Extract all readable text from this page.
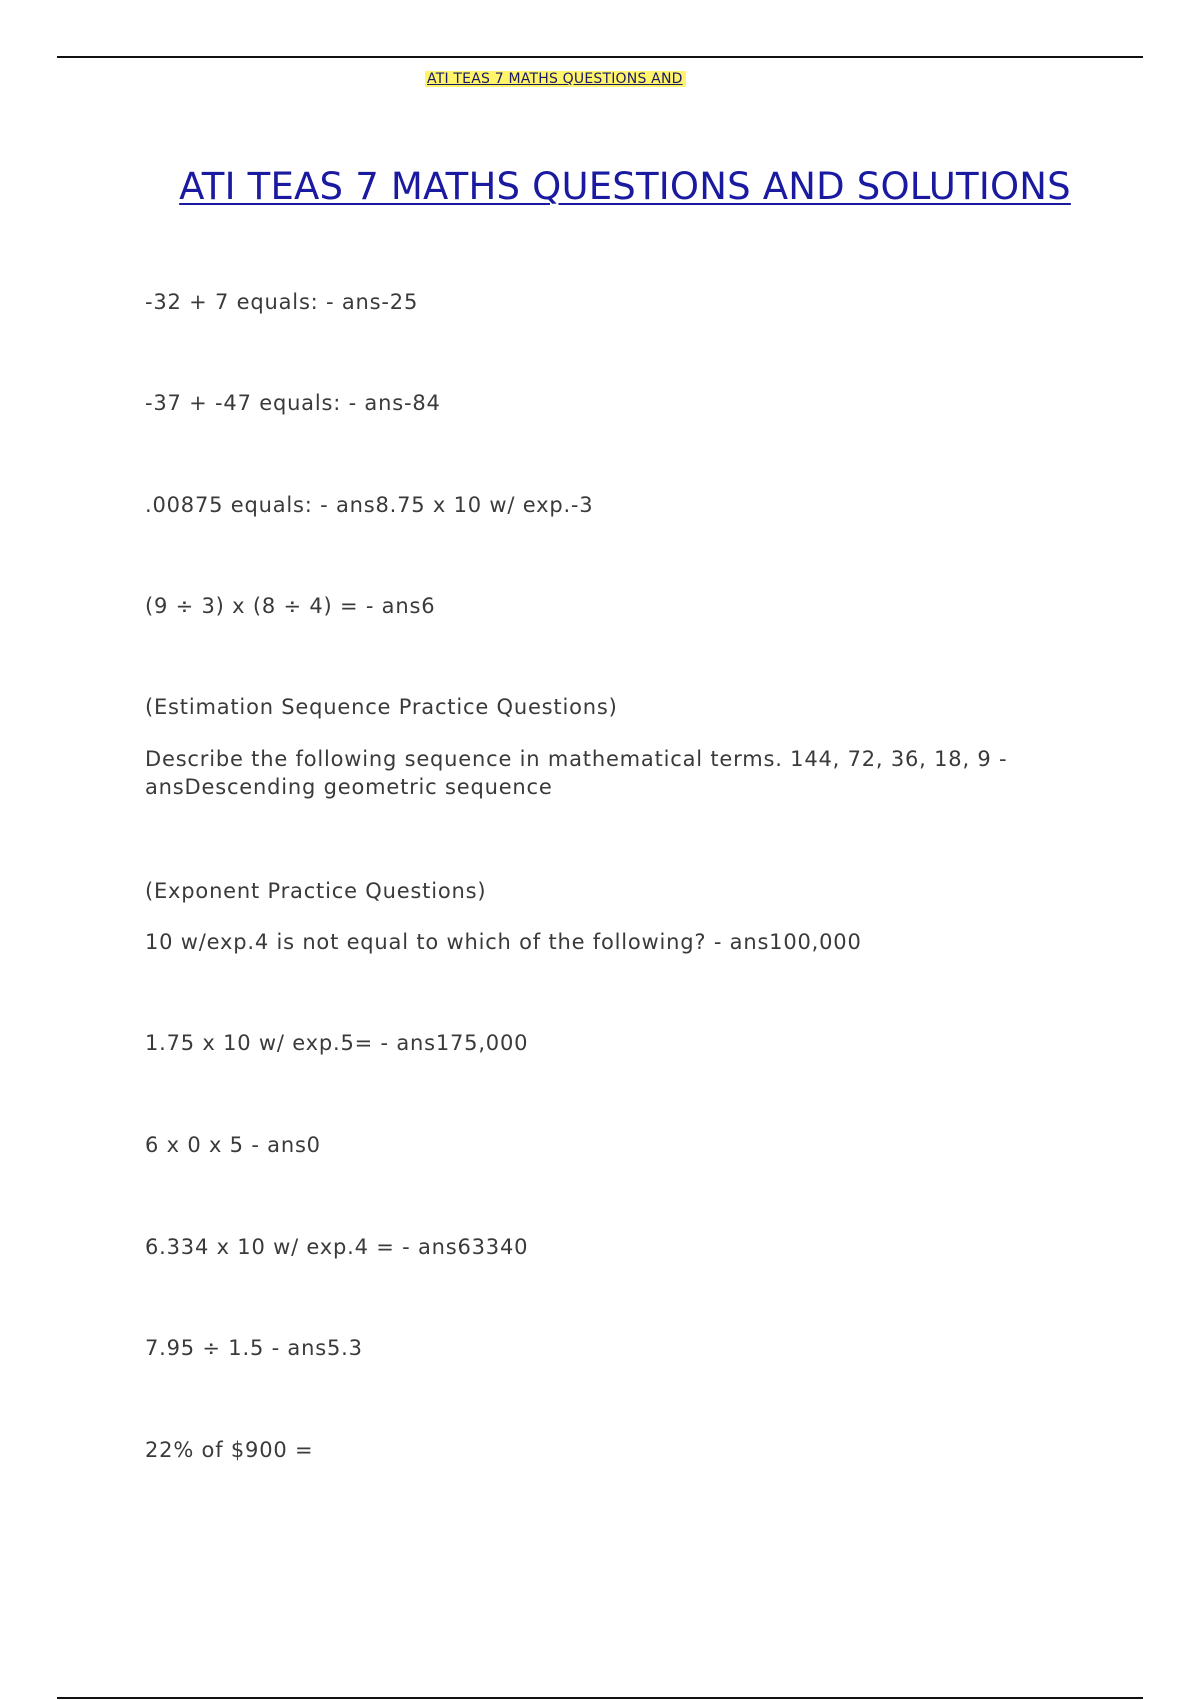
ATI TEAS 7 MATHS QUESTIONS AND
ATI TEAS 7 MATHS QUESTIONS AND SOLUTIONS

-32 + 7 equals: - ans-25

-37 + -47 equals: - ans-84

.00875 equals: - ans8.75 x 10 w/ exp.-3

(9 ÷ 3) x (8 ÷ 4) = - ans6

(Estimation Sequence Practice Questions)

Describe the following sequence in mathematical terms. 144, 72, 36, 18, 9 - ansDescending geometric sequence

(Exponent Practice Questions)

10 w/exp.4 is not equal to which of the following? - ans100,000

1.75 x 10 w/ exp.5= - ans175,000

6 x 0 x 5 - ans0

6.334 x 10 w/ exp.4 = - ans63340

7.95 ÷ 1.5 - ans5.3

22% of $900 =
